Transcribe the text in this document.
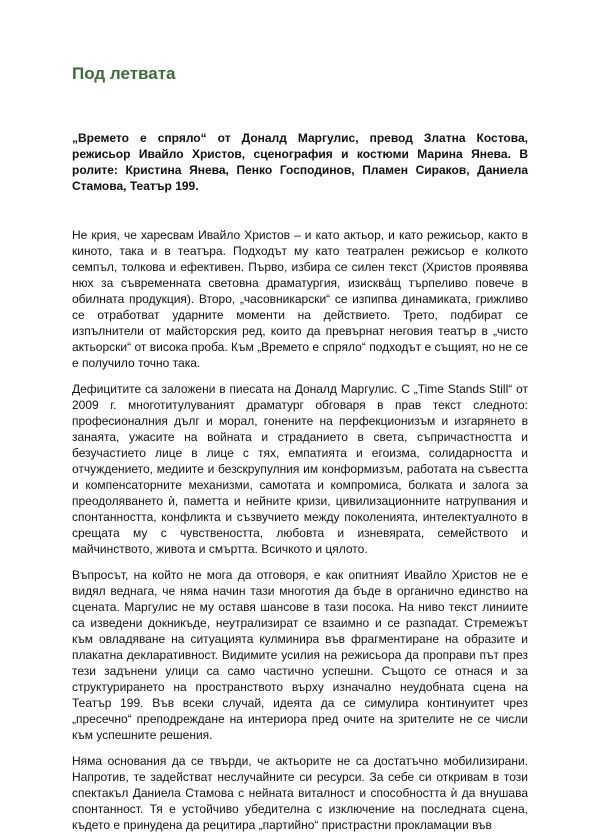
Под летвата

„Времето е спряло“ от Доналд Маргулис, превод Златна Костова, режисьор Ивайло Христов, сценография и костюми Марина Янева. В ролите: Кристина Янева, Пенко Господинов, Пламен Сираков, Даниела Стамова, Театър 199.

Не крия, че харесвам Ивайло Христов – и като актьор, и като режисьор, както в киното, така и в театъра. Подходът му като театрален режисьор е колкото семпъл, толкова и ефективен. Първо, избира се силен текст (Христов проявява нюх за съвременната световна драматургия, изисквáщ търпеливо повече в обилната продукция). Второ, „часовникарски“ се изпипва динамиката, грижливо се отработват ударните моменти на действието. Трето, подбират се изпълнители от майсторския ред, които да превърнат неговия театър в „чисто актьорски“ от висока проба. Към „Времето е спряло“ подходът е същият, но не се е получило точно така.

Дефицитите са заложени в пиесата на Доналд Маргулис. С „Time Stands Still“ от 2009 г. многотитулуваният драматург обговаря в прав текст следното: професионалния дълг и морал, гонените на перфекционизъм и изгарянето в занаята, ужасите на войната и страданието в света, съпричастността и безучастието лице в лице с тях, емпатията и егоизма, солидарността и отчуждението, медиите и безскрупулния им конформизъм, работата на съвестта и компенсаторните механизми, самотата и компромиса, болката и залога за преодоляването ѝ, паметта и нейните кризи, цивилизационните натрупвания и спонтанността, конфликта и съзвучието между поколенията, интелектуалното в срещата му с чувствеността, любовта и изневярата, семейството и майчинството, живота и смъртта. Всичкото и цялото.

Въпросът, на който не мога да отговоря, е как опитният Ивайло Христов не е видял веднага, че няма начин тази многотия да бъде в органично единство на сцената. Маргулис не му оставя шансове в тази посока. На ниво текст линиите са изведени докникъде, неутрализират се взаимно и се разпадат. Стремежът към овладяване на ситуацията кулминира във фрагментиране на образите и плакатна декларативност. Видимите усилия на режисьора да проправи път през тези задънени улици са само частично успешни. Същото се отнася и за структурирането на пространството върху изначално неудобната сцена на Театър 199. Във всеки случай, идеята да се симулира континуитет чрез „пресечно“ преподреждане на интериора пред очите на зрителите не се числи към успешните решения.

Няма основания да се твърди, че актьорите не са достатъчно мобилизирани. Напротив, те задействат неслучайните си ресурси. За себе си откривам в този спектакъл Даниела Стамова с нейната виталност и способността ѝ да внушава спонтанност. Тя е устойчиво убедителна с изключение на последната сцена, където е принудена да рецитира „партийно“ пристрастни прокламации във
